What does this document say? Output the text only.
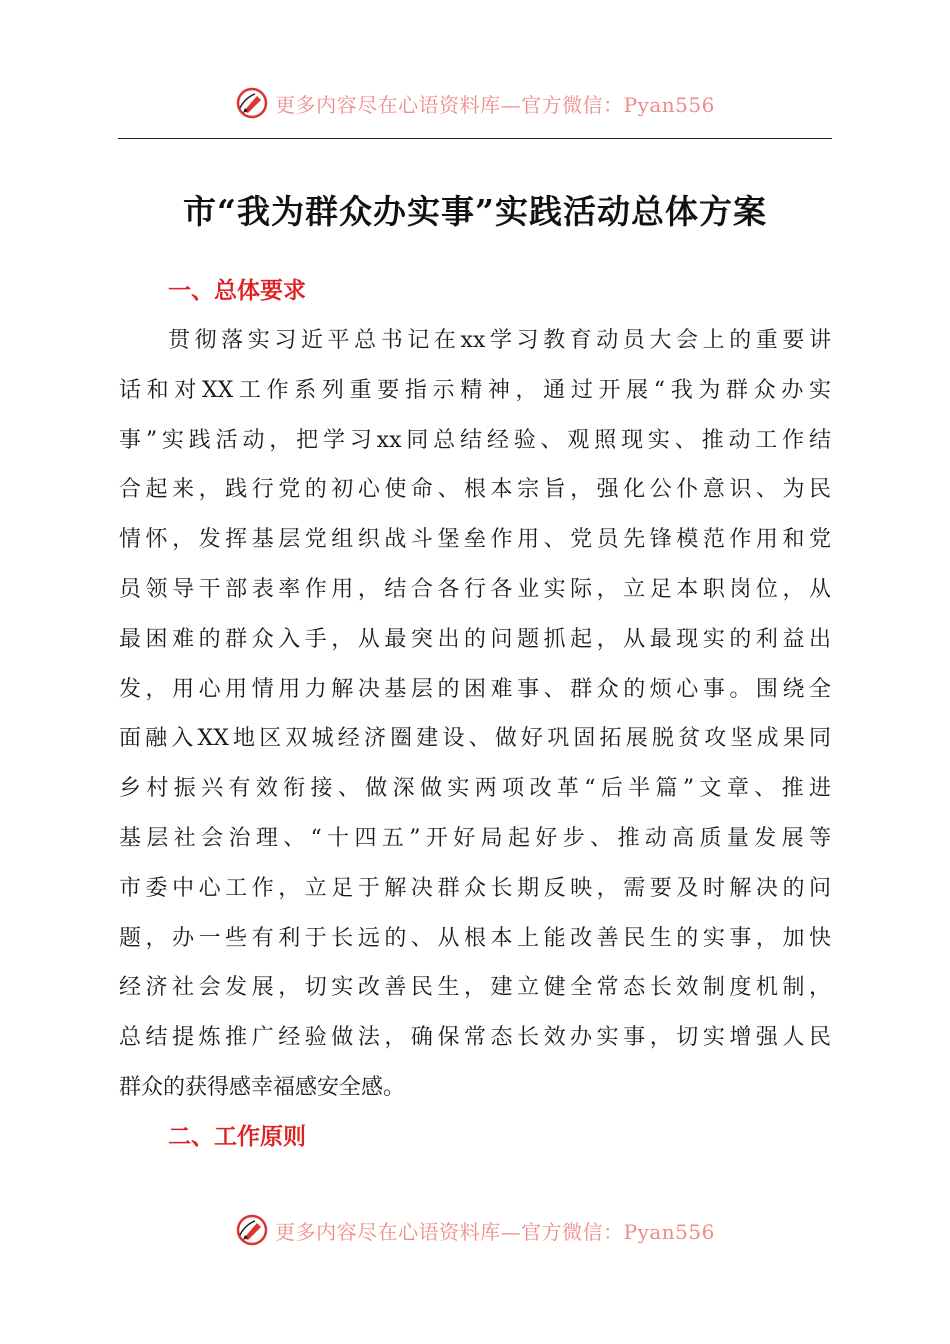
更多内容尽在心语资料库—官方微信：Pyan556
市“我为群众办实事”实践活动总体方案
一、总体要求
贯彻落实习近平总书记在xx学习教育动员大会上的重要讲
话和对XX工作系列重要指示精神，通过开展“我为群众办实
事”实践活动，把学习xx同总结经验、观照现实、推动工作结
合起来，践行党的初心使命、根本宗旨，强化公仆意识、为民
情怀，发挥基层党组织战斗堡垒作用、党员先锋模范作用和党
员领导干部表率作用，结合各行各业实际，立足本职岗位，从
最困难的群众入手，从最突出的问题抓起，从最现实的利益出
发，用心用情用力解决基层的困难事、群众的烦心事。围绕全
面融入XX地区双城经济圈建设、做好巩固拓展脱贫攻坚成果同
乡村振兴有效衔接、做深做实两项改革“后半篇”文章、推进
基层社会治理、“十四五”开好局起好步、推动高质量发展等
市委中心工作，立足于解决群众长期反映，需要及时解决的问
题，办一些有利于长远的、从根本上能改善民生的实事，加快
经济社会发展，切实改善民生，建立健全常态长效制度机制，
总结提炼推广经验做法，确保常态长效办实事，切实增强人民
群众的获得感幸福感安全感。
二、工作原则
更多内容尽在心语资料库—官方微信：Pyan556
